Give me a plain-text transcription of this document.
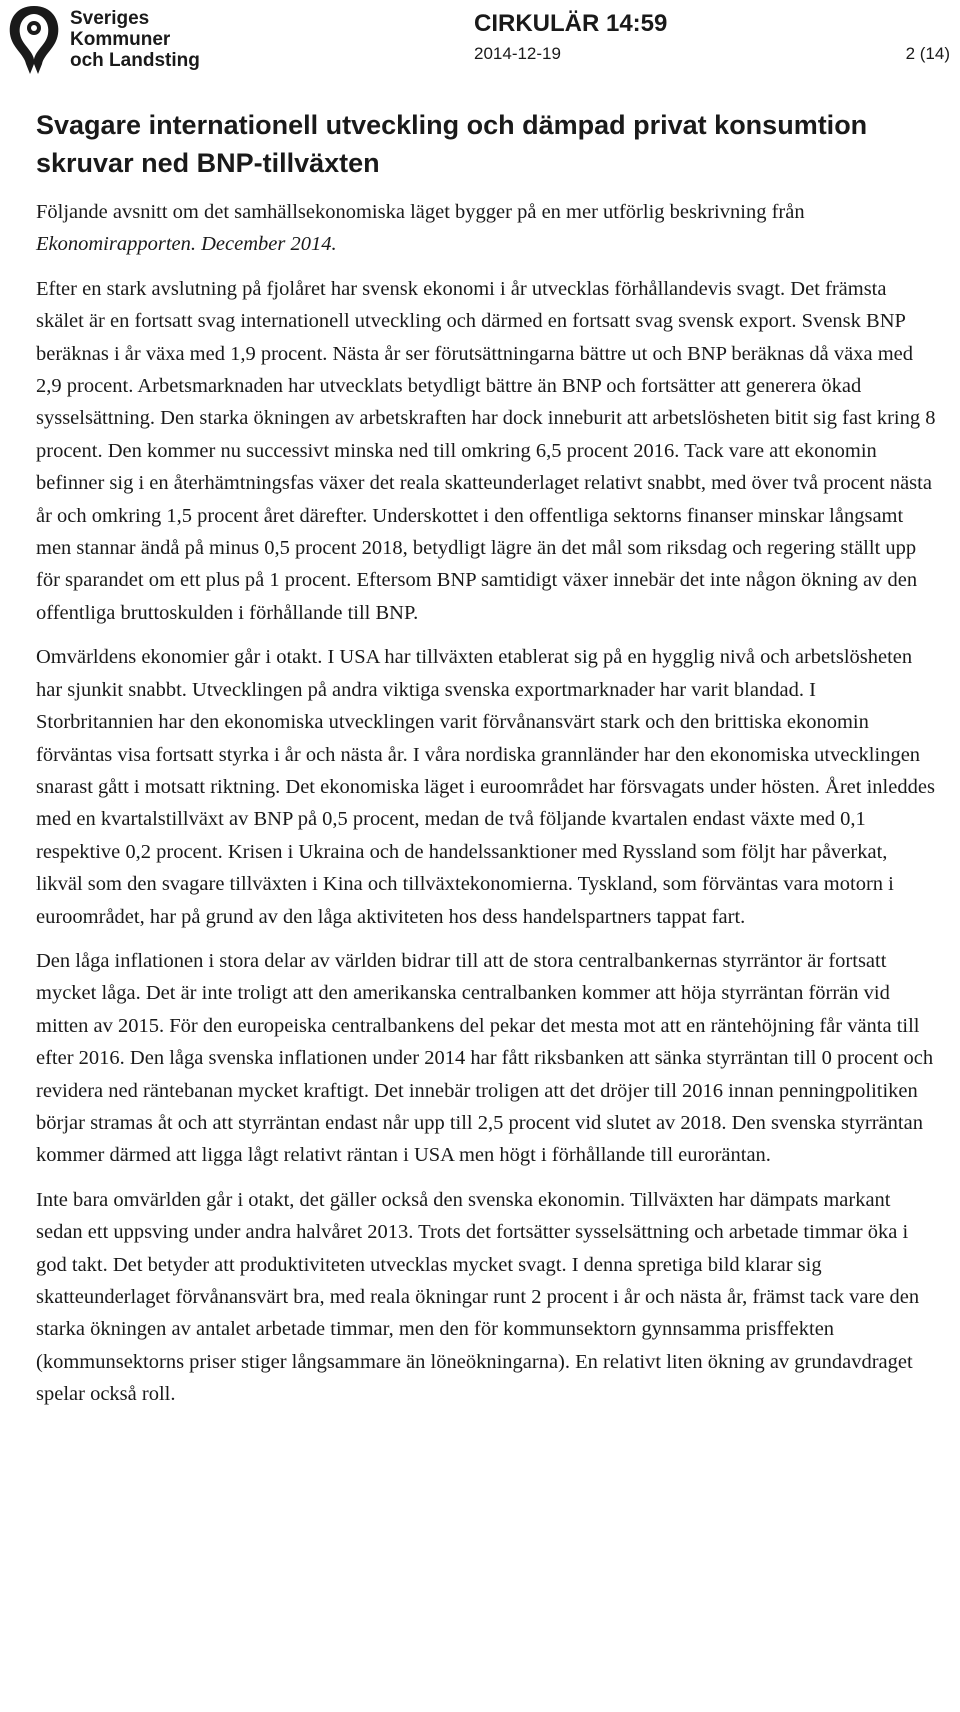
Sveriges
Kommuner
och Landsting
CIRKULÄR 14:59
2014-12-19	2 (14)
Svagare internationell utveckling och dämpad privat konsumtion skruvar ned BNP-tillväxten

Följande avsnitt om det samhällsekonomiska läget bygger på en mer utförlig beskrivning från Ekonomirapporten. December 2014.

Efter en stark avslutning på fjolåret har svensk ekonomi i år utvecklas förhållandevis svagt. Det främsta skälet är en fortsatt svag internationell utveckling och därmed en fortsatt svag svensk export. Svensk BNP beräknas i år växa med 1,9 procent. Nästa år ser förutsättningarna bättre ut och BNP beräknas då växa med 2,9 procent. Arbetsmarknaden har utvecklats betydligt bättre än BNP och fortsätter att generera ökad sysselsättning. Den starka ökningen av arbetskraften har dock inneburit att arbetslösheten bitit sig fast kring 8 procent. Den kommer nu successivt minska ned till omkring 6,5 procent 2016. Tack vare att ekonomin befinner sig i en återhämtningsfas växer det reala skatteunderlaget relativt snabbt, med över två procent nästa år och omkring 1,5 procent året därefter. Underskottet i den offentliga sektorns finanser minskar långsamt men stannar ändå på minus 0,5 procent 2018, betydligt lägre än det mål som riksdag och regering ställt upp för sparandet om ett plus på 1 procent. Eftersom BNP samtidigt växer innebär det inte någon ökning av den offentliga bruttoskulden i förhållande till BNP.

Omvärldens ekonomier går i otakt. I USA har tillväxten etablerat sig på en hygglig nivå och arbetslösheten har sjunkit snabbt. Utvecklingen på andra viktiga svenska exportmarknader har varit blandad. I Storbritannien har den ekonomiska utvecklingen varit förvånansvärt stark och den brittiska ekonomin förväntas visa fortsatt styrka i år och nästa år. I våra nordiska grannländer har den ekonomiska utvecklingen snarast gått i motsatt riktning. Det ekonomiska läget i euroområdet har försvagats under hösten. Året inleddes med en kvartalstillväxt av BNP på 0,5 procent, medan de två följande kvartalen endast växte med 0,1 respektive 0,2 procent. Krisen i Ukraina och de handelssanktioner med Ryssland som följt har påverkat, likväl som den svagare tillväxten i Kina och tillväxtekonomierna. Tyskland, som förväntas vara motorn i euroområdet, har på grund av den låga aktiviteten hos dess handelspartners tappat fart.

Den låga inflationen i stora delar av världen bidrar till att de stora centralbankernas styrräntor är fortsatt mycket låga. Det är inte troligt att den amerikanska centralbanken kommer att höja styrräntan förrän vid mitten av 2015. För den europeiska centralbankens del pekar det mesta mot att en räntehöjning får vänta till efter 2016. Den låga svenska inflationen under 2014 har fått riksbanken att sänka styrräntan till 0 procent och revidera ned räntebanan mycket kraftigt. Det innebär troligen att det dröjer till 2016 innan penningpolitiken börjar stramas åt och att styrräntan endast når upp till 2,5 procent vid slutet av 2018. Den svenska styrräntan kommer därmed att ligga lågt relativt räntan i USA men högt i förhållande till euroräntan.

Inte bara omvärlden går i otakt, det gäller också den svenska ekonomin. Tillväxten har dämpats markant sedan ett uppsving under andra halvåret 2013. Trots det fortsätter sysselsättning och arbetade timmar öka i god takt. Det betyder att produktiviteten utvecklas mycket svagt. I denna spretiga bild klarar sig skatteunderlaget förvånansvärt bra, med reala ökningar runt 2 procent i år och nästa år, främst tack vare den starka ökningen av antalet arbetade timmar, men den för kommunsektorn gynnsamma prisffekten (kommunsektorns priser stiger långsammare än löneökningarna). En relativt liten ökning av grundavdraget spelar också roll.
